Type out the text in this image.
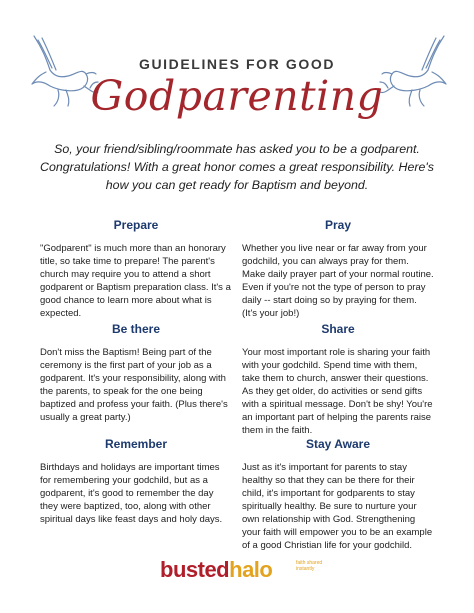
GUIDELINES FOR GOOD
Godparenting
So, your friend/sibling/roommate has asked you to be a godparent. Congratulations! With a great honor comes a great responsibility. Here's how you can get ready for Baptism and beyond.
Prepare
"Godparent" is much more than an honorary title, so take time to prepare! The parent's church may require you to attend a short godparent or Baptism preparation class. It's a good chance to learn more about what is expected.
Pray
Whether you live near or far away from your godchild, you can always pray for them. Make daily prayer part of your normal routine. Even if you're not the type of person to pray daily -- start doing so by praying for them. (It's your job!)
Be there
Don't miss the Baptism! Being part of the ceremony is the first part of your job as a godparent. It's your responsibility, along with the parents, to speak for the one being baptized and profess your faith. (Plus there's usually a great party.)
Share
Your most important role is sharing your faith with your godchild. Spend time with them, take them to church, answer their questions. As they get older, do activities or send gifts with a spiritual message. Don't be shy! You're an important part of helping the parents raise them in the faith.
Remember
Birthdays and holidays are important times for remembering your godchild, but as a godparent, it's good to remember the day they were baptized, too, along with other spiritual days like feast days and holy days.
Stay Aware
Just as it's important for parents to stay healthy so that they can be there for their child, it's important for godparents to stay spiritually healthy. Be sure to nurture your own relationship with God. Strengthening your faith will empower you to be an example of a good Christian life for your godchild.
bustedhalo	faith shared instantly
